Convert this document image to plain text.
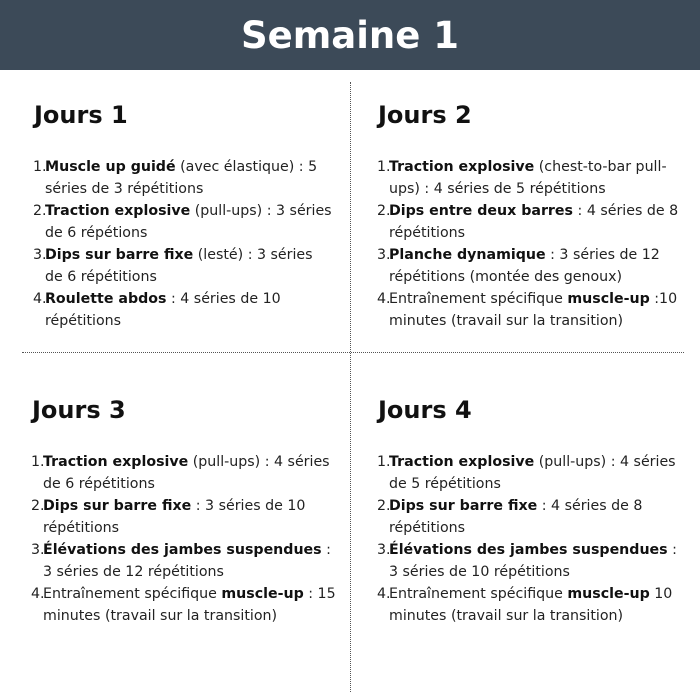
Semaine 1
Jours 1
1.
Muscle up guidé (avec élastique) : 5 séries de 3 répétitions
2.
Traction explosive (pull-ups) : 3 séries de 6 répétions
3.
Dips sur barre fixe (lesté) : 3 séries de 6 répétitions
4.
Roulette abdos : 4 séries de 10 répétitions
Jours 2
1.
Traction explosive (chest-to-bar pull-ups) : 4 séries de 5 répétitions
2.
Dips entre deux barres : 4 séries de 8 répétitions
3.
Planche dynamique : 3 séries de 12 répétitions (montée des genoux)
4.
Entraînement spécifique muscle-up :10 minutes (travail sur la transition)
Jours 3
1.
Traction explosive (pull-ups) : 4 séries de 6 répétitions
2.
Dips sur barre fixe : 3 séries de 10 répétitions
3.
Élévations des jambes suspendues : 3 séries de 12 répétitions
4.
Entraînement spécifique muscle-up : 15 minutes (travail sur la transition)
Jours 4
1.
Traction explosive (pull-ups) : 4 séries de 5 répétitions
2.
Dips sur barre fixe : 4 séries de 8 répétitions
3.
Élévations des jambes suspendues : 3 séries de 10 répétitions
4.
Entraînement spécifique muscle-up 10 minutes (travail sur la transition)
